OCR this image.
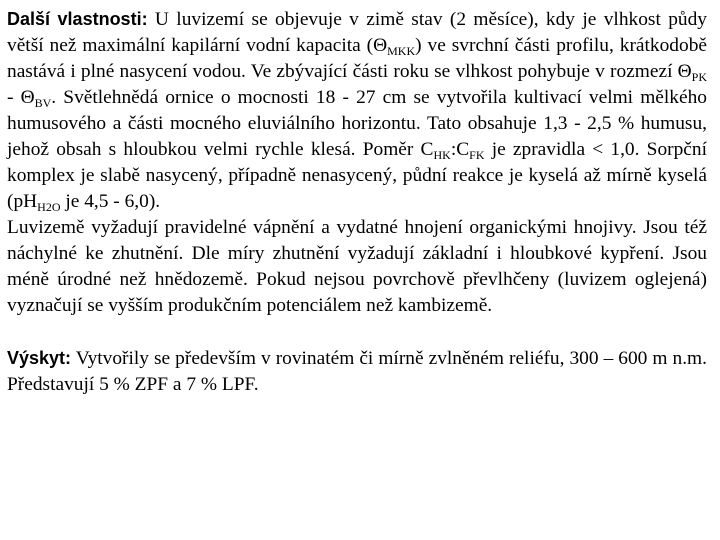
Další vlastnosti: U luvizemí se objevuje v zimě stav (2 měsíce), kdy je vlhkost půdy větší než maximální kapilární vodní kapacita $(\Theta_{MKK})$ ve svrchní části profilu, krátkodobě nastává i plné nasycení vodou. Ve zbývající části roku se vlhkost pohybuje v rozmezí $\Theta_{PK} - \Theta_{BV}$. Světlehnědá ornice o mocnosti 18 - 27 cm se vytvořila kultivací velmi mělkého humusového a části mocného eluviálního horizontu. Tato obsahuje 1,3 - 2,5 % humusu, jehož obsah s hloubkou velmi rychle klesá. Poměr $C_{HK}:C_{FK}$ je zpravidla < 1,0. Sorpční komplex je slabě nasycený, případně nenasycený, půdní reakce je kyselá až mírně kyselá ($pH_{H2O}$ je 4,5 - 6,0).

Luvizemě vyžadují pravidelné vápnění a vydatné hnojení organickými hnojivy. Jsou též náchylné ke zhutnění. Dle míry zhutnění vyžadují základní i hloubkové kypření. Jsou méně úrodné než hnědozemě. Pokud nejsou povrchově převlhčeny (luvizem oglejená) vyznačují se vyšším produkčním potenciálem než kambizemě.

Výskyt: Vytvořily se především v rovinatém či mírně zvlněném reliéfu, 300 – 600 m n.m. Představují 5 % ZPF a 7 % LPF.
